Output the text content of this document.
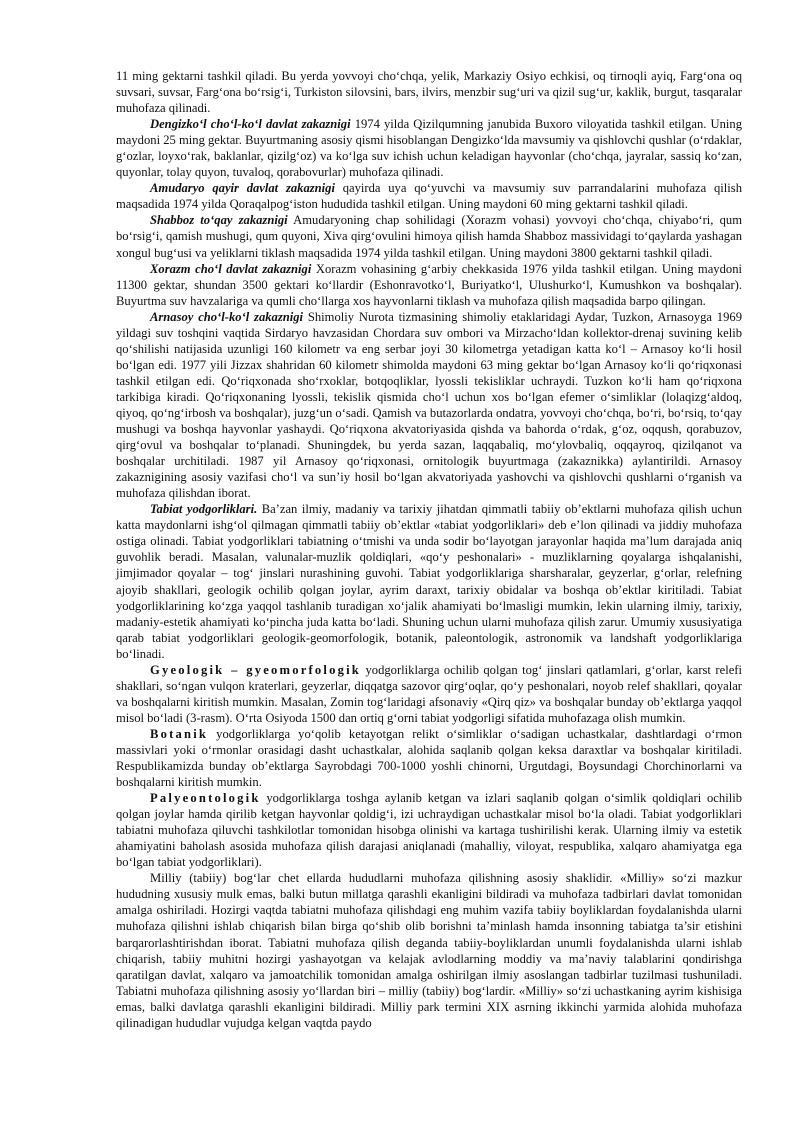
11 ming gektarni tashkil qiladi. Bu yerda yovvoyi cho‘chqa, yelik, Markaziy Osiyo echkisi, oq tirnoqli ayiq, Farg‘ona oq suvsari, suvsar, Farg‘ona bo‘rsig‘i, Turkiston silovsini, bars, ilvirs, menzbir sug‘uri va qizil sug‘ur, kaklik, burgut, tasqaralar muhofaza qilinadi.

Dengizko‘l cho‘l-ko‘l davlat zakaznigi 1974 yilda Qizilqumning janubida Buxoro viloyatida tashkil etilgan. Uning maydoni 25 ming gektar. Buyurtmaning asosiy qismi hisoblangan Dengizko‘lda mavsumiy va qishlovchi qushlar (o‘rdaklar, g‘ozlar, loyxo‘rak, baklanlar, qizilg‘oz) va ko‘lga suv ichish uchun keladigan hayvonlar (cho‘chqa, jayralar, sassiq ko‘zan, quyonlar, tolay quyon, tuvaloq, qorabovurlar) muhofaza qilinadi.

Amudaryo qayir davlat zakaznigi qayirda uya qo‘yuvchi va mavsumiy suv parrandalarini muhofaza qilish maqsadida 1974 yilda Qoraqalpog‘iston hududida tashkil etilgan. Uning maydoni 60 ming gektarni tashkil qiladi.

Shabboz to‘qay zakaznigi Amudaryoning chap sohilidagi (Xorazm vohasi) yovvoyi cho‘chqa, chiyabo‘ri, qum bo‘rsig‘i, qamish mushugi, qum quyoni, Xiva qirg‘ovulini himoya qilish hamda Shabboz massividagi to‘qaylarda yashagan xongul bug‘usi va yeliklarni tiklash maqsadida 1974 yilda tashkil etilgan. Uning maydoni 3800 gektarni tashkil qiladi.

Xorazm cho‘l davlat zakaznigi Xorazm vohasining g‘arbiy chekkasida 1976 yilda tashkil etilgan. Uning maydoni 11300 gektar, shundan 3500 gektari ko‘llardir (Eshonravotko‘l, Buriyatko‘l, Ulushurko‘l, Kumushkon va boshqalar). Buyurtma suv havzalariga va qumli cho‘llarga xos hayvonlarni tiklash va muhofaza qilish maqsadida barpo qilingan.

Arnasoy cho‘l-ko‘l zakaznigi Shimoliy Nurota tizmasining shimoliy etaklaridagi Aydar, Tuzkon, Arnasoyga 1969 yildagi suv toshqini vaqtida Sirdaryo havzasidan Chordara suv ombori va Mirzacho‘ldan kollektor-drenaj suvining kelib qo‘shilishi natijasida uzunligi 160 kilometr va eng serbar joyi 30 kilometrga yetadigan katta ko‘l – Arnasoy ko‘li hosil bo‘lgan edi. 1977 yili Jizzax shahridan 60 kilometr shimolda maydoni 63 ming gektar bo‘lgan Arnasoy ko‘li qo‘riqxonasi tashkil etilgan edi. Qo‘riqxonada sho‘rxoklar, botqoqliklar, lyossli tekisliklar uchraydi. Tuzkon ko‘li ham qo‘riqxona tarkibiga kiradi. Qo‘riqxonaning lyossli, tekislik qismida cho‘l uchun xos bo‘lgan efemer o‘simliklar (lolaqizg‘aldoq, qiyoq, qo‘ng‘irbosh va boshqalar), juzg‘un o‘sadi. Qamish va butazorlarda ondatra, yovvoyi cho‘chqa, bo‘ri, bo‘rsiq, to‘qay mushugi va boshqa hayvonlar yashaydi. Qo‘riqxona akvatoriyasida qishda va bahorda o‘rdak, g‘oz, oqqush, qorabuzov, qirg‘ovul va boshqalar to‘planadi. Shuningdek, bu yerda sazan, laqqabaliq, mo‘ylovbaliq, oqqayroq, qizilqanot va boshqalar urchitiladi. 1987 yil Arnasoy qo‘riqxonasi, ornitologik buyurtmaga (zakaznikka) aylantirildi. Arnasoy zakaznigining asosiy vazifasi cho‘l va sun’iy hosil bo‘lgan akvatoriyada yashovchi va qishlovchi qushlarni o‘rganish va muhofaza qilishdan iborat.

Tabiat yodgorliklari. Ba’zan ilmiy, madaniy va tarixiy jihatdan qimmatli tabiiy ob’ektlarni muhofaza qilish uchun katta maydonlarni ishg‘ol qilmagan qimmatli tabiiy ob’ektlar «tabiat yodgorliklari» deb e’lon qilinadi va jiddiy muhofaza ostiga olinadi. Tabiat yodgorliklari tabiatning o‘tmishi va unda sodir bo‘layotgan jarayonlar haqida ma’lum darajada aniq guvohlik beradi. Masalan, valunalar-muzlik qoldiqlari, «qo‘y peshonalari» - muzliklarning qoyalarga ishqalanishi, jimjimador qoyalar – tog‘ jinslari nurashining guvohi. Tabiat yodgorliklariga sharsharalar, geyzerlar, g‘orlar, relefning ajoyib shakllari, geologik ochilib qolgan joylar, ayrim daraxt, tarixiy obidalar va boshqa ob’ektlar kiritiladi. Tabiat yodgorliklarining ko‘zga yaqqol tashlanib turadigan xo‘jalik ahamiyati bo‘lmasligi mumkin, lekin ularning ilmiy, tarixiy, madaniy-estetik ahamiyati ko‘pincha juda katta bo‘ladi. Shuning uchun ularni muhofaza qilish zarur. Umumiy xususiyatiga qarab tabiat yodgorliklari geologik-geomorfologik, botanik, paleontologik, astronomik va landshaft yodgorliklariga bo‘linadi.

Gyeologik – gyeomorfologik yodgorliklarga ochilib qolgan tog‘ jinslari qatlamlari, g‘orlar, karst relefi shakllari, so‘ngan vulqon kraterlari, geyzerlar, diqqatga sazovor qirg‘oqlar, qo‘y peshonalari, noyob relef shakllari, qoyalar va boshqalarni kiritish mumkin. Masalan, Zomin tog‘laridagi afsonaviy «Qirq qiz» va boshqalar bunday ob’ektlarga yaqqol misol bo‘ladi (3-rasm). O‘rta Osiyoda 1500 dan ortiq g‘orni tabiat yodgorligi sifatida muhofazaga olish mumkin.

Botanik yodgorliklarga yo‘qolib ketayotgan relikt o‘simliklar o‘sadigan uchastkalar, dashtlardagi o‘rmon massivlari yoki o‘rmonlar orasidagi dasht uchastkalar, alohida saqlanib qolgan keksa daraxtlar va boshqalar kiritiladi. Respublikamizda bunday ob’ektlarga Sayrobdagi 700-1000 yoshli chinorni, Urgutdagi, Boysundagi Chorchinorlarni va boshqalarni kiritish mumkin.

Palyeontologik yodgorliklarga toshga aylanib ketgan va izlari saqlanib qolgan o‘simlik qoldiqlari ochilib qolgan joylar hamda qirilib ketgan hayvonlar qoldig‘i, izi uchraydigan uchastkalar misol bo‘la oladi. Tabiat yodgorliklari tabiatni muhofaza qiluvchi tashkilotlar tomonidan hisobga olinishi va kartaga tushirilishi kerak. Ularning ilmiy va estetik ahamiyatini baholash asosida muhofaza qilish darajasi aniqlanadi (mahalliy, viloyat, respublika, xalqaro ahamiyatga ega bo‘lgan tabiat yodgorliklari).

Milliy (tabiiy) bog‘lar chet ellarda hududlarni muhofaza qilishning asosiy shaklidir. «Milliy» so‘zi mazkur hududning xususiy mulk emas, balki butun millatga qarashli ekanligini bildiradi va muhofaza tadbirlari davlat tomonidan amalga oshiriladi. Hozirgi vaqtda tabiatni muhofaza qilishdagi eng muhim vazifa tabiiy boyliklardan foydalanishda ularni muhofaza qilishni ishlab chiqarish bilan birga qo‘shib olib borishni ta’minlash hamda insonning tabiatga ta’sir etishini barqarorlashtirishdan iborat. Tabiatni muhofaza qilish deganda tabiiy-boyliklardan unumli foydalanishda ularni ishlab chiqarish, tabiiy muhitni hozirgi yashayotgan va kelajak avlodlarning moddiy va ma’naviy talablarini qondirishga qaratilgan davlat, xalqaro va jamoatchilik tomonidan amalga oshirilgan ilmiy asoslangan tadbirlar tuzilmasi tushuniladi. Tabiatni muhofaza qilishning asosiy yo‘llardan biri – milliy (tabiiy) bog‘lardir. «Milliy» so‘zi uchastkaning ayrim kishisiga emas, balki davlatga qarashli ekanligini bildiradi. Milliy park termini XIX asrning ikkinchi yarmida alohida muhofaza qilinadigan hududlar vujudga kelgan vaqtda paydo
